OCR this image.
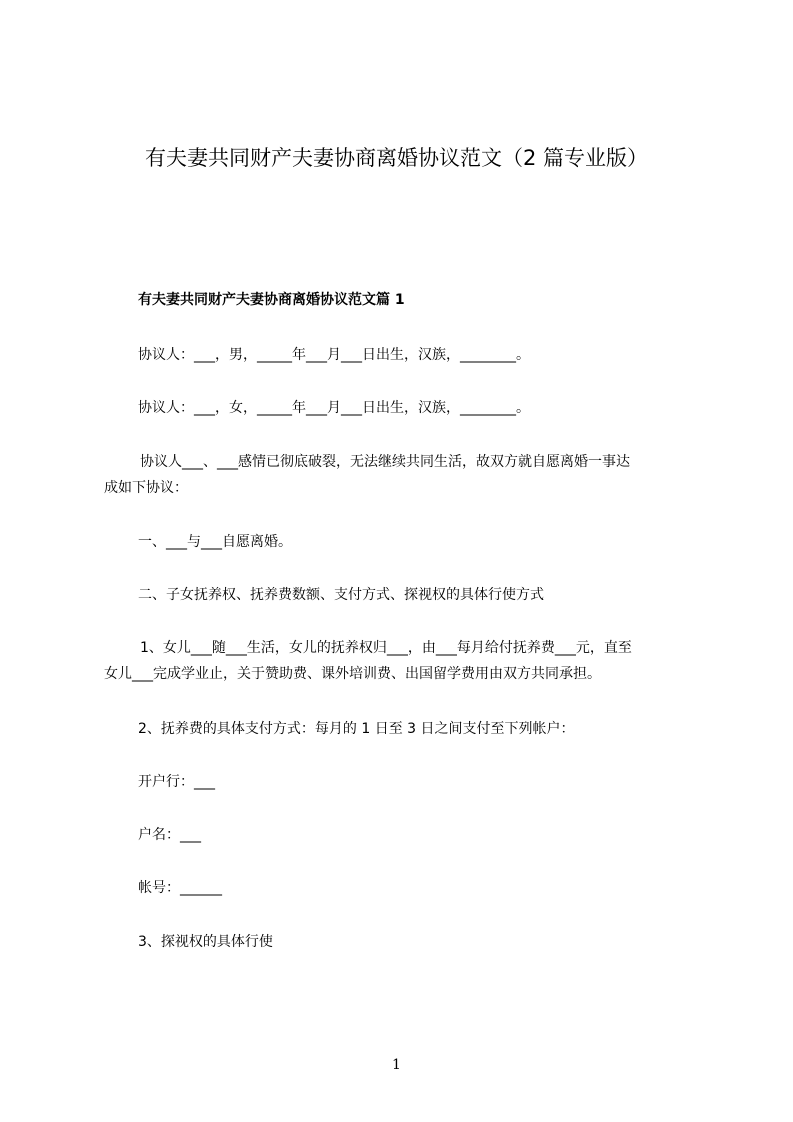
有夫妻共同财产夫妻协商离婚协议范文（2 篇专业版）
有夫妻共同财产夫妻协商离婚协议范文篇 1
协议人：___，男，_____年___月___日出生，汉族，________。
协议人：___，女，_____年___月___日出生，汉族，________。
协议人___、___感情已彻底破裂，无法继续共同生活，故双方就自愿离婚一事达
成如下协议：
一、___与___自愿离婚。
二、子女抚养权、抚养费数额、支付方式、探视权的具体行使方式
1、女儿___随___生活，女儿的抚养权归___，由___每月给付抚养费___元，直至
女儿___完成学业止，关于赞助费、课外培训费、出国留学费用由双方共同承担。
2、抚养费的具体支付方式：每月的 1 日至 3 日之间支付至下列帐户：
开户行：___
户名：___
帐号：______
3、探视权的具体行使
1
